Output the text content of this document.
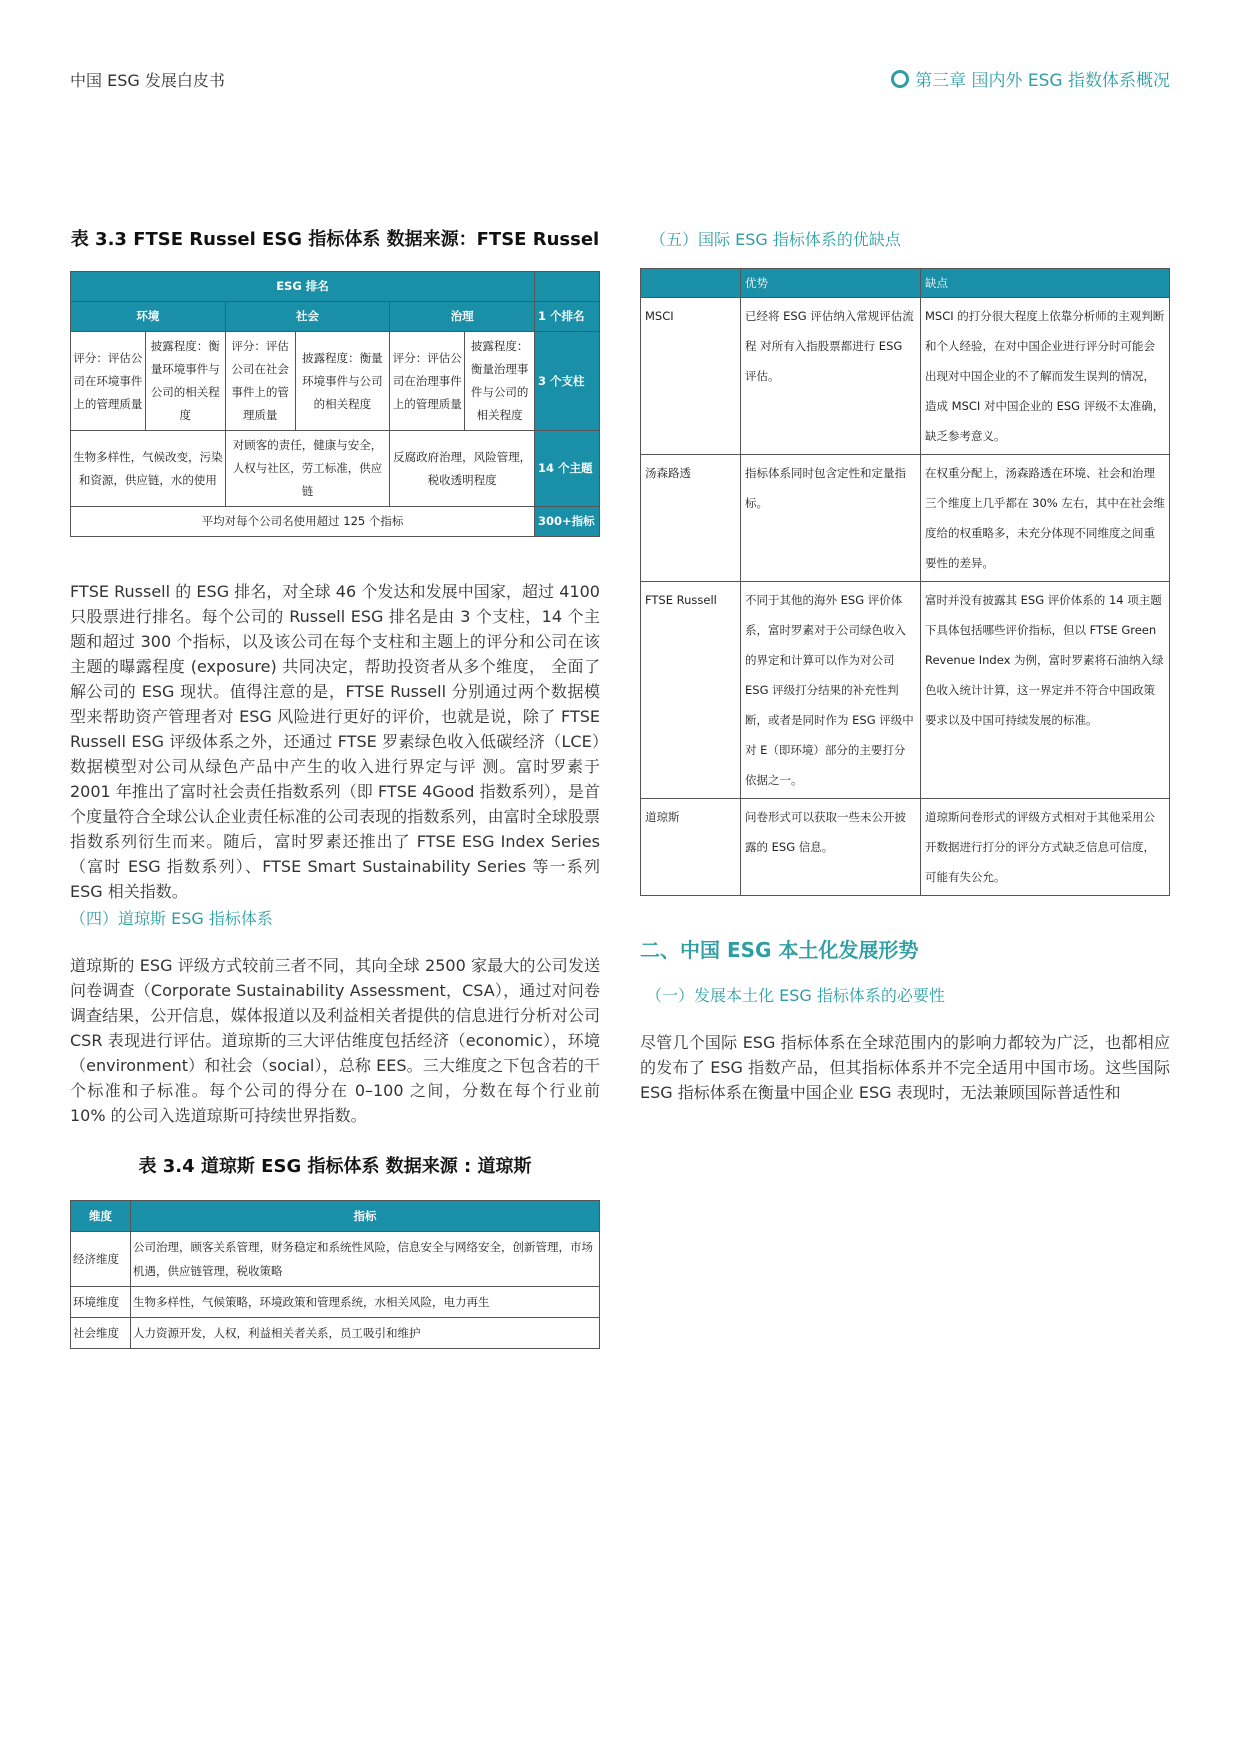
中国 ESG 发展白皮书	第三章 国内外 ESG 指数体系概况
表 3.3 FTSE Russel ESG 指标体系 数据来源：FTSE Russel
ESG 排名						
环境		社会		治理		1 个排名
评分：评估公司在环境事件上的管理质量	披露程度：衡量环境事件与公司的相关程度	评分：评估公司在社会事件上的管理质量	披露程度：衡量环境事件与公司的相关程度	评分：评估公司在治理事件上的管理质量	披露程度：衡量治理事件与公司的相关程度	3 个支柱
生物多样性，气候改变，污染和资源，供应链，水的使用		对顾客的责任，健康与安全，人权与社区，劳工标准，供应链		反腐政府治理，风险管理，税收透明程度		14 个主题
平均对每个公司名使用超过 125 个指标						300+指标
FTSE Russell 的 ESG 排名，对全球 46 个发达和发展中国家，超过 4100 只股票进行排名。每个公司的 Russell ESG 排名是由 3 个支柱，14 个主题和超过 300 个指标，以及该公司在每个支柱和主题上的评分和公司在该主题的曝露程度 (exposure) 共同决定，帮助投资者从多个维度， 全面了解公司的 ESG 现状。值得注意的是，FTSE Russell 分别通过两个数据模型来帮助资产管理者对 ESG 风险进行更好的评价，也就是说，除了 FTSE Russell ESG 评级体系之外，还通过 FTSE 罗素绿色收入低碳经济（LCE）数据模型对公司从绿色产品中产生的收入进行界定与评 测。富时罗素于 2001 年推出了富时社会责任指数系列（即 FTSE 4Good 指数系列），是首个度量符合全球公认企业责任标准的公司表现的指数系列，由富时全球股票指数系列衍生而来。随后，富时罗素还推出了 FTSE ESG Index Series（富时 ESG 指数系列）、FTSE Smart Sustainability Series 等一系列 ESG 相关指数。
（四）道琼斯 ESG 指标体系
道琼斯的 ESG 评级方式较前三者不同，其向全球 2500 家最大的公司发送问卷调查（Corporate Sustainability Assessment，CSA），通过对问卷调查结果，公开信息，媒体报道以及利益相关者提供的信息进行分析对公司 CSR 表现进行评估。道琼斯的三大评估维度包括经济（economic），环境（environment）和社会（social），总称 EES。三大维度之下包含若的干个标准和子标准。每个公司的得分在 0–100 之间，分数在每个行业前 10% 的公司入选道琼斯可持续世界指数。
表 3.4 道琼斯 ESG 指标体系 数据来源 : 道琼斯
维度	指标
经济维度	公司治理，顾客关系管理，财务稳定和系统性风险，信息安全与网络安全，创新管理，市场机遇，供应链管理，税收策略
环境维度	生物多样性，气候策略，环境政策和管理系统，水相关风险，电力再生
社会维度	人力资源开发，人权，利益相关者关系，员工吸引和维护
（五）国际 ESG 指标体系的优缺点
	优势	缺点
MSCI	已经将 ESG 评估纳入常规评估流程 对所有入指股票都进行 ESG 评估。	MSCI 的打分很大程度上依靠分析师的主观判断和个人经验，在对中国企业进行评分时可能会出现对中国企业的不了解而发生误判的情况，造成 MSCI 对中国企业的 ESG 评级不太准确，缺乏参考意义。
汤森路透	指标体系同时包含定性和定量指标。	在权重分配上，汤森路透在环境、社会和治理三个维度上几乎都在 30% 左右，其中在社会维度给的权重略多，未充分体现不同维度之间重要性的差异。
FTSE Russell	不同于其他的海外 ESG 评价体系，富时罗素对于公司绿色收入的界定和计算可以作为对公司 ESG 评级打分结果的补充性判断，或者是同时作为 ESG 评级中对 E（即环境）部分的主要打分依据之一。	富时并没有披露其 ESG 评价体系的 14 项主题下具体包括哪些评价指标，但以 FTSE Green Revenue Index 为例，富时罗素将石油纳入绿色收入统计计算，这一界定并不符合中国政策要求以及中国可持续发展的标准。
道琼斯	问卷形式可以获取一些未公开披露的 ESG 信息。	道琼斯问卷形式的评级方式相对于其他采用公开数据进行打分的评分方式缺乏信息可信度，可能有失公允。
二、中国 ESG 本土化发展形势
（一）发展本土化 ESG 指标体系的必要性
尽管几个国际 ESG 指标体系在全球范围内的影响力都较为广泛，也都相应的发布了 ESG 指数产品，但其指标体系并不完全适用中国市场。这些国际 ESG 指标体系在衡量中国企业 ESG 表现时，无法兼顾国际普适性和
